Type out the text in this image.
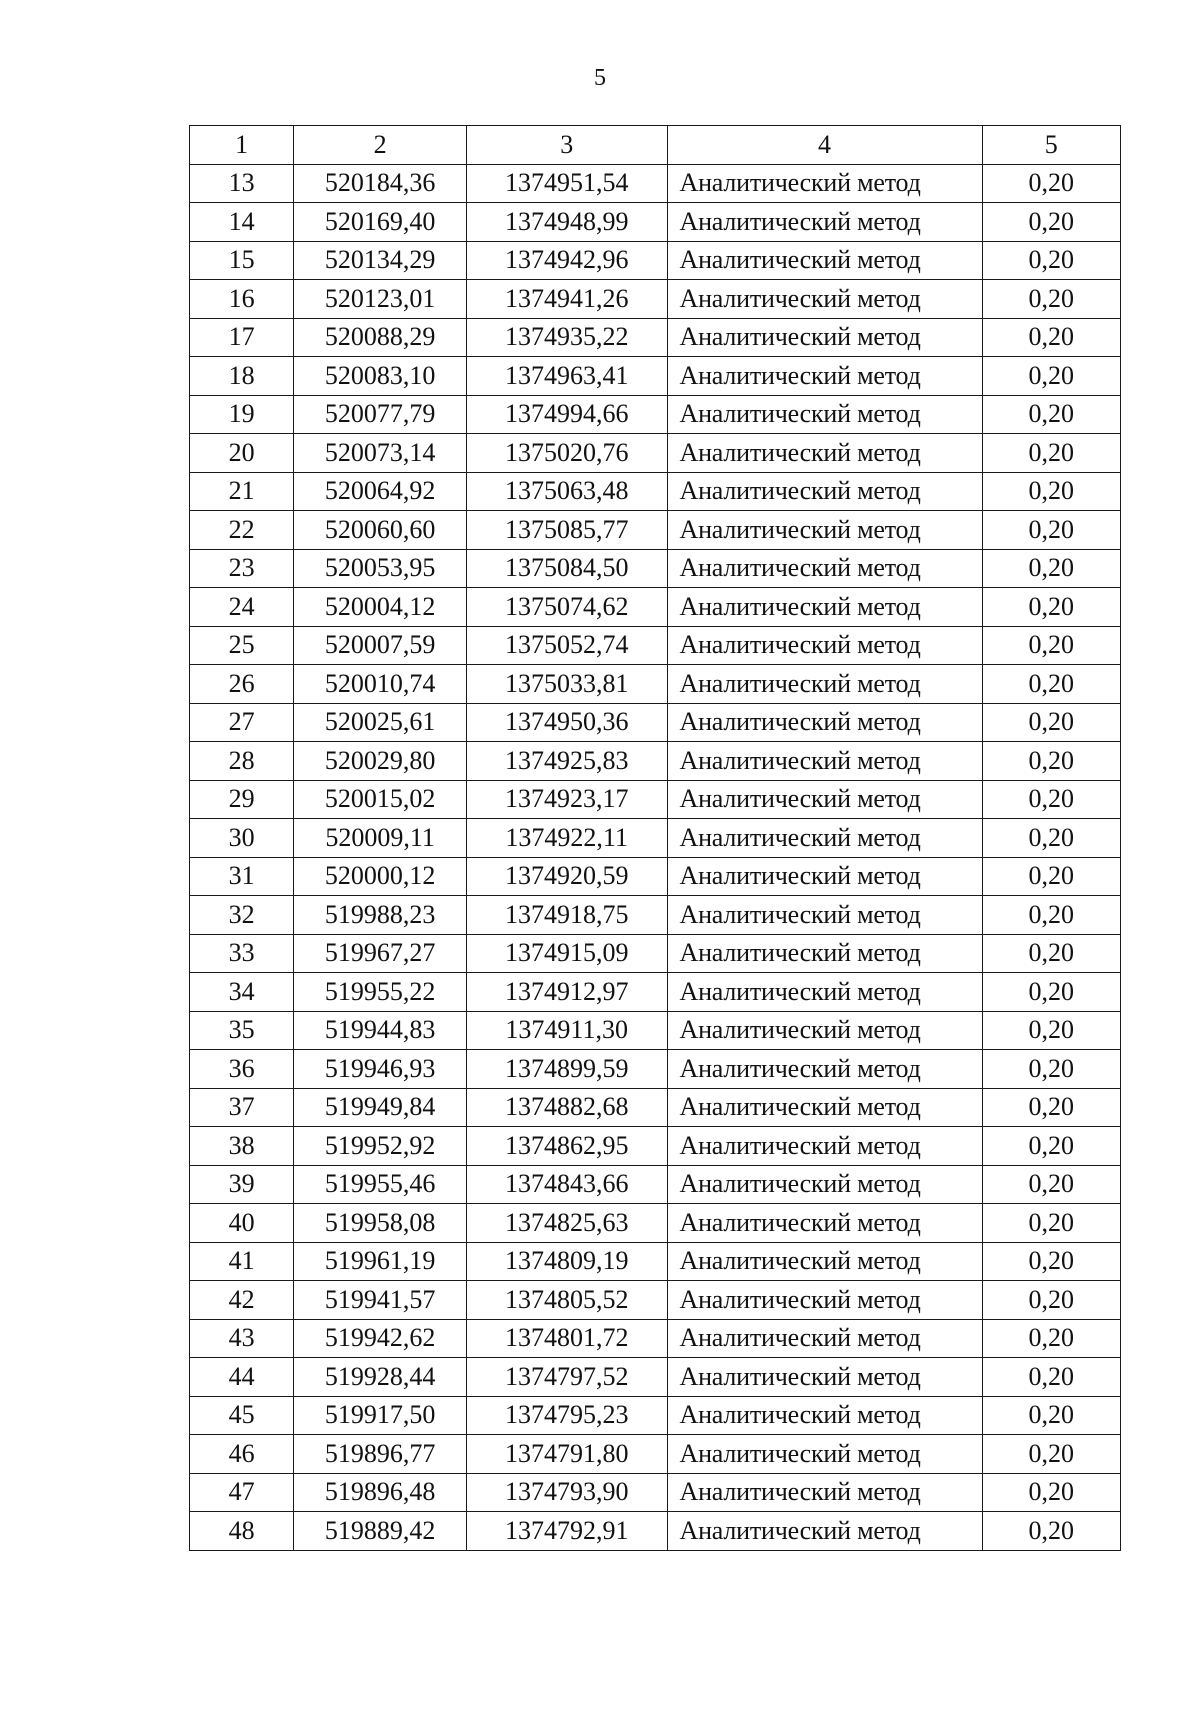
5
1	2	3	4	5
13	520184,36	1374951,54	Аналитический метод	0,20
14	520169,40	1374948,99	Аналитический метод	0,20
15	520134,29	1374942,96	Аналитический метод	0,20
16	520123,01	1374941,26	Аналитический метод	0,20
17	520088,29	1374935,22	Аналитический метод	0,20
18	520083,10	1374963,41	Аналитический метод	0,20
19	520077,79	1374994,66	Аналитический метод	0,20
20	520073,14	1375020,76	Аналитический метод	0,20
21	520064,92	1375063,48	Аналитический метод	0,20
22	520060,60	1375085,77	Аналитический метод	0,20
23	520053,95	1375084,50	Аналитический метод	0,20
24	520004,12	1375074,62	Аналитический метод	0,20
25	520007,59	1375052,74	Аналитический метод	0,20
26	520010,74	1375033,81	Аналитический метод	0,20
27	520025,61	1374950,36	Аналитический метод	0,20
28	520029,80	1374925,83	Аналитический метод	0,20
29	520015,02	1374923,17	Аналитический метод	0,20
30	520009,11	1374922,11	Аналитический метод	0,20
31	520000,12	1374920,59	Аналитический метод	0,20
32	519988,23	1374918,75	Аналитический метод	0,20
33	519967,27	1374915,09	Аналитический метод	0,20
34	519955,22	1374912,97	Аналитический метод	0,20
35	519944,83	1374911,30	Аналитический метод	0,20
36	519946,93	1374899,59	Аналитический метод	0,20
37	519949,84	1374882,68	Аналитический метод	0,20
38	519952,92	1374862,95	Аналитический метод	0,20
39	519955,46	1374843,66	Аналитический метод	0,20
40	519958,08	1374825,63	Аналитический метод	0,20
41	519961,19	1374809,19	Аналитический метод	0,20
42	519941,57	1374805,52	Аналитический метод	0,20
43	519942,62	1374801,72	Аналитический метод	0,20
44	519928,44	1374797,52	Аналитический метод	0,20
45	519917,50	1374795,23	Аналитический метод	0,20
46	519896,77	1374791,80	Аналитический метод	0,20
47	519896,48	1374793,90	Аналитический метод	0,20
48	519889,42	1374792,91	Аналитический метод	0,20
